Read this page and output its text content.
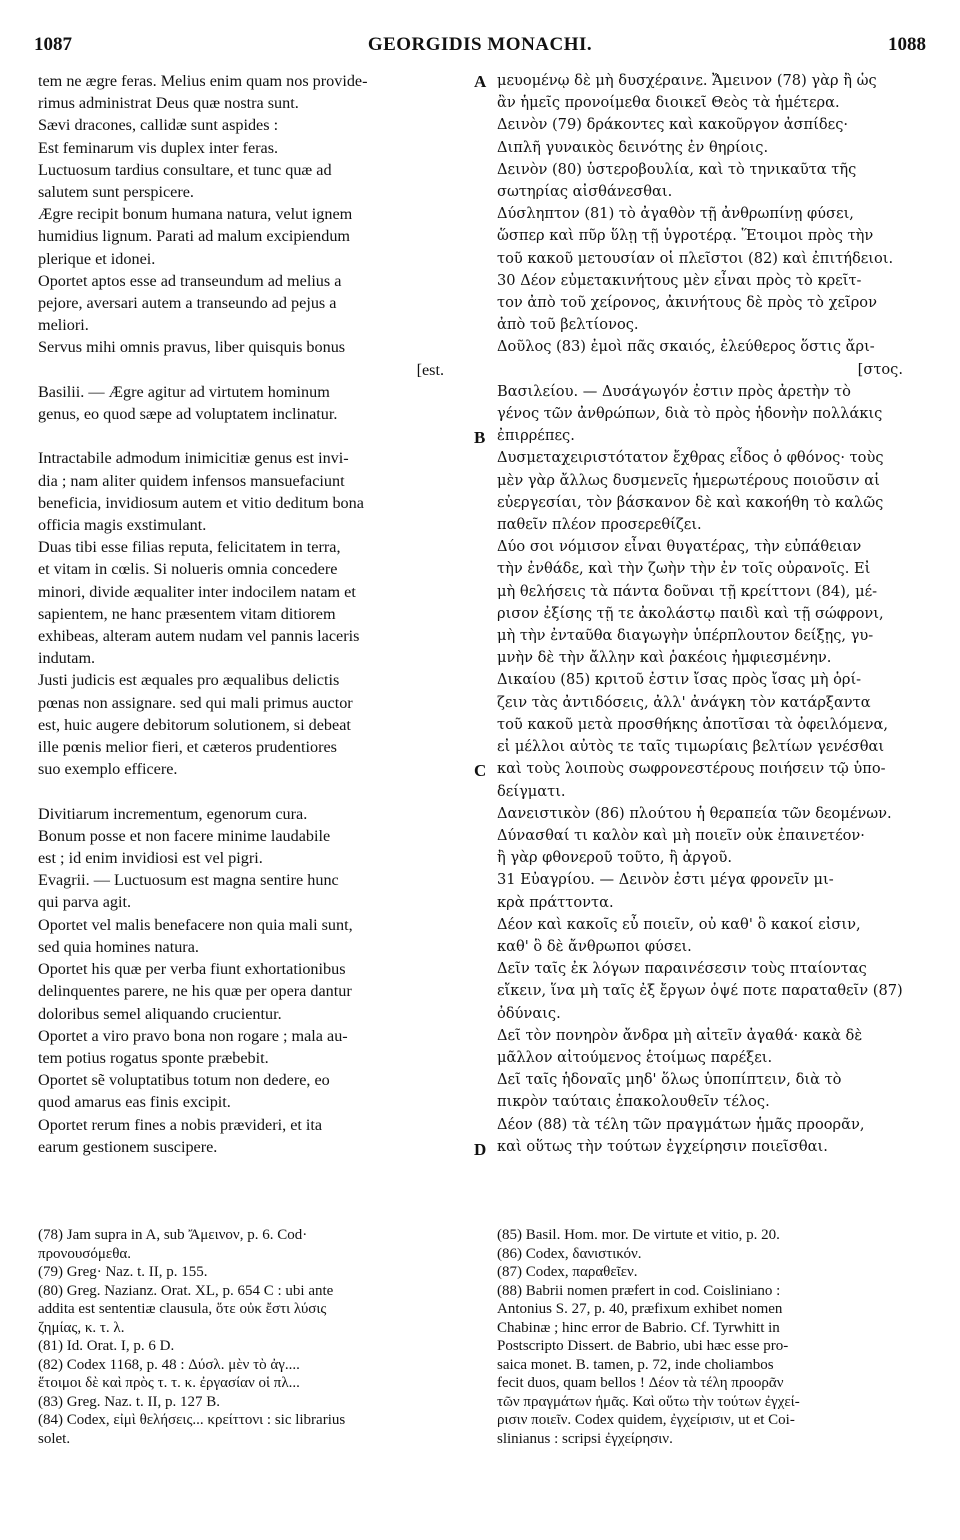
1087	GEORGIDIS MONACHI.	1088
tem ne ægre feras. Melius enim quam nos provide-
rimus administrat Deus quæ nostra sunt.
Sævi dracones, callidæ sunt aspides :
Est feminarum vis duplex inter feras.
Luctuosum tardius consultare, et tunc quæ ad
salutem sunt perspicere.
Ægre recipit bonum humana natura, velut ignem
humidius lignum. Parati ad malum excipiendum
plerique et idonei.
Oportet aptos esse ad transeundum ad melius a
pejore, aversari autem a transeundo ad pejus a
meliori.
Servus mihi omnis pravus, liber quisquis bonus
[est.
Basilii. — Ægre agitur ad virtutem hominum
genus, eo quod sæpe ad voluptatem inclinatur.
Intractabile admodum inimicitiæ genus est invi-
dia ; nam aliter quidem infensos mansuefaciunt
beneficia, invidiosum autem et vitio deditum bona
officia magis exstimulant.
Duas tibi esse filias reputa, felicitatem in terra,
et vitam in cœlis. Si nolueris omnia concedere
minori, divide æqualiter inter indocilem natam et
sapientem, ne hanc præsentem vitam ditiorem
exhibeas, alteram autem nudam vel pannis laceris
indutam.
Justi judicis est æquales pro æqualibus delictis
pœnas non assignare. sed qui mali primus auctor
est, huic augere debitorum solutionem, si debeat
ille pœnis melior fieri, et cæteros prudentiores
suo exemplo efficere.
Divitiarum incrementum, egenorum cura.
Bonum posse et non facere minime laudabile
est ; id enim invidiosi est vel pigri.
Evagrii. — Luctuosum est magna sentire hunc
qui parva agit.
Oportet vel malis benefacere non quia mali sunt,
sed quia homines natura.
Oportet his quæ per verba fiunt exhortationibus
delinquentes parere, ne his quæ per opera dantur
doloribus semel aliquando crucientur.
Oportet a viro pravo bona non rogare ; mala au-
tem potius rogatus sponte præbebit.
Oportet sẽ voluptatibus totum non dedere, eo
quod amarus eas finis excipit.
Oportet rerum fines a nobis prævideri, et ita
earum gestionem suscipere.
μευομένῳ δὲ μὴ δυσχέραινε. Ἄμεινον (78) γὰρ ἢ ὡς
ἂν ἡμεῖς προνοίμεθα διοικεῖ Θεὸς τὰ ἡμέτερα.
Δεινὸν (79) δράκοντες καὶ κακοῦργον ἀσπίδες·
Διπλῆ γυναικὸς δεινότης ἐν θηρίοις.
Δεινὸν (80) ὑστεροβουλία, καὶ τὸ τηνικαῦτα τῆς
σωτηρίας αἰσθάνεσθαι.
Δύσληπτον (81) τὸ ἀγαθὸν τῇ ἀνθρωπίνῃ φύσει,
ὥσπερ καὶ πῦρ ὕλῃ τῇ ὑγροτέρᾳ. Ἕτοιμοι πρὸς τὴν
τοῦ κακοῦ μετουσίαν οἱ πλεῖστοι (82) καὶ ἐπιτήδειοι.
30 Δέον εὐμετακινήτους μὲν εἶναι πρὸς τὸ κρεῖτ-
τον ἀπὸ τοῦ χείρονος, ἀκινήτους δὲ πρὸς τὸ χεῖρον
ἀπὸ τοῦ βελτίονος.
Δοῦλος (83) ἐμοὶ πᾶς σκαιός, ἐλεύθερος ὅστις ἄρι-
[στος.
Βασιλείου. — Δυσάγωγόν ἐστιν πρὸς ἀρετὴν τὸ
γένος τῶν ἀνθρώπων, διὰ τὸ πρὸς ἡδονὴν πολλάκις
ἐπιρρέπες.
Δυσμεταχειριστότατον ἔχθρας εἶδος ὁ φθόνος· τοὺς
μὲν γὰρ ἄλλως δυσμενεῖς ἡμερωτέρους ποιοῦσιν αἱ
εὐεργεσίαι, τὸν βάσκανον δὲ καὶ κακοήθη τὸ καλῶς
παθεῖν πλέον προσερεθίζει.
Δύο σοι νόμισον εἶναι θυγατέρας, τὴν εὐπάθειαν
τὴν ἐνθάδε, καὶ τὴν ζωὴν τὴν ἐν τοῖς οὐρανοῖς. Εἰ
μὴ θελήσεις τὰ πάντα δοῦναι τῇ κρείττονι (84), μέ-
ρισον ἐξίσης τῇ τε ἀκολάστῳ παιδὶ καὶ τῇ σώφρονι,
μὴ τὴν ἐνταῦθα διαγωγὴν ὑπέρπλουτον δείξῃς, γυ-
μνὴν δὲ τὴν ἄλλην καὶ ῥακέοις ἠμφιεσμένην.
Δικαίου (85) κριτοῦ ἐστιν ἴσας πρὸς ἴσας μὴ ὁρί-
ζειν τὰς ἀντιδόσεις, ἀλλ' ἀνάγκη τὸν κατάρξαντα
τοῦ κακοῦ μετὰ προσθήκης ἀποτῖσαι τὰ ὀφειλόμενα,
εἰ μέλλοι αὐτὸς τε ταῖς τιμωρίαις βελτίων γενέσθαι
καὶ τοὺς λοιποὺς σωφρονεστέρους ποιήσειν τῷ ὑπο-
δείγματι.
Δανειστικὸν (86) πλούτου ἡ θεραπεία τῶν δεομένων.
Δύνασθαί τι καλὸν καὶ μὴ ποιεῖν οὐκ ἐπαινετέον·
ἢ γὰρ φθονεροῦ τοῦτο, ἢ ἀργοῦ.
31 Εὐαγρίου. — Δεινὸν ἐστι μέγα φρονεῖν μι-
κρὰ πράττοντα.
Δέον καὶ κακοῖς εὖ ποιεῖν, οὐ καθ' ὃ κακοί εἰσιν,
καθ' ὃ δὲ ἄνθρωποι φύσει.
Δεῖν ταῖς ἐκ λόγων παραινέσεσιν τοὺς πταίοντας
εἴκειν, ἵνα μὴ ταῖς ἐξ ἔργων ὀψέ ποτε παραταθεῖν (87)
ὀδύναις.
Δεῖ τὸν πονηρὸν ἄνδρα μὴ αἰτεῖν ἀγαθά· κακὰ δὲ
μᾶλλον αἰτούμενος ἑτοίμως παρέξει.
Δεῖ ταῖς ἡδοναῖς μηδ' ὅλως ὑποπίπτειν, διὰ τὸ
πικρὸν ταύταις ἐπακολουθεῖν τέλος.
Δέον (88) τὰ τέλη τῶν πραγμάτων ἡμᾶς προορᾶν,
καὶ οὕτως τὴν τούτων ἐγχείρησιν ποιεῖσθαι.
A
B
C
D
(78) Jam supra in A, sub Ἄμεινον, p. 6. Cod·
προνουσόμεθα.
(79) Greg· Naz. t. II, p. 155.
(80) Greg. Nazianz. Orat. XL, p. 654 C : ubi ante
addita est sententiæ clausula, ὅτε οὐκ ἔστι λύσις
ζημίας, κ. τ. λ.
(81) Id. Orat. I, p. 6 D.
(82) Codex 1168, p. 48 : Δύσλ. μὲν τὸ ἀγ....
ἕτοιμοι δὲ καὶ πρὸς τ. τ. κ. ἐργασίαν οἱ πλ...
(83) Greg. Naz. t. II, p. 127 B.
(84) Codex, εἰμὶ θελήσεις... κρείττονι : sic librarius
solet.
(85) Basil. Hom. mor. De virtute et vitio, p. 20.
(86) Codex, δανιστικόν.
(87) Codex, παραθεῖεν.
(88) Babrii nomen præfert in cod. Coisliniano :
Antonius S. 27, p. 40, præfixum exhibet nomen
Chabinæ ; hinc error de Babrio. Cf. Tyrwhitt in
Postscripto Dissert. de Babrio, ubi hæc esse pro-
saica monet. B. tamen, p. 72, inde choliambos
fecit duos, quam bellos ! Δέον τὰ τέλη προορᾶν
τῶν πραγμάτων ἡμᾶς. Καὶ οὕτω τὴν τούτων ἐγχεί-
ρισιν ποιεῖν. Codex quidem, ἐγχείρισιν, ut et Coi-
slinianus : scripsi ἐγχείρησιν.
